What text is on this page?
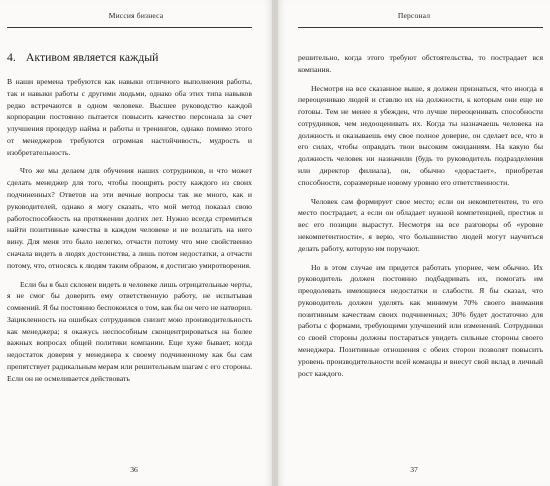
Миссия бизнеса
4. Активом является каждый

В наши времена требуются как навыки отличного выполнения работы, так и навыки работы с другими людьми, однако оба этих типа навыков редко встречаются в одном человеке. Высшее руководство каждой корпорации постоянно пытается повысить качество персонала за счет улучшения процедур найма и работы и тренингов, однако помимо этого от менеджеров требуются огромная настойчивость, мудрость и изобретательность.

Что же мы делаем для обучения наших сотрудников, и что может сделать менеджер для того, чтобы поощрять росту каждого из своих подчиненных? Ответов на эти вечные вопросы так же много, как и руководителей, однако я могу сказать, что мой метод показал свою работоспособность на протяжении долгих лет. Нужно всегда стремиться найти позитивные качества в каждом человеке и не возлагать на него вину. Для меня это было нелегко, отчасти потому что мне свойственно сначала видеть в людях достоинства, а лишь потом недостатки, а отчасти потому, что, относясь к людям таким образом, я достигаю умиротворения.

Если бы я был склонен видеть в человеке лишь отрицательные черты, я не смог бы доверить ему ответственную работу, не испытывая сомнений. Я бы постоянно беспокоился о том, как бы он чего не натворил. Зацикленность на ошибках сотрудников снизит мою производительность как менеджера; я окажусь неспособным сконцентрироваться на более важных вопросах общей политики компании. Еще хуже бывает, когда недостаток доверия у менеджера к своему подчиненному как бы сам препятствует радикальным мерам или решительным шагам с его стороны. Если он не осмеливается действовать

36
Персонал

решительно, когда этого требуют обстоятельства, то пострадает вся компания.

Несмотря на все сказанное выше, я должен признаться, что иногда я переоцениваю людей и ставлю их на должности, к которым они еще не готовы. Тем не менее я убежден, что лучше переоценивать способности сотрудников, чем недооценивать их. Когда ты назначаешь человека на должность и оказываешь ему свое полное доверие, он сделает все, что в его силах, чтобы оправдать твои высоким ожиданиям. На какую бы должность человек ни назначили (будь то руководитель подразделения или директор филиала), он, обычно «дорастает», приобретая способности, соразмерные новому уровню его ответственности.

Человек сам формирует свое место; если он некомпетентен, то его место пострадает, а если он обладает нужной компетенцией, престиж и вес его позиции вырастут. Несмотря на все разговоры об «уровне некомпетентности», я верю, что большинство людей могут научиться делать работу, которую им поручают.

Но в этом случае им придется работать упорнее, чем обычно. Их руководитель должен постоянно подбадривать их, помогать им преодолевать имеющиеся недостатки и слабости. Я бы сказал, что руководитель должен уделять как минимум 70% своего внимания позитивным качествам своих подчиненных; 30% будет достаточно для работы с формами, требующими улучшений или изменений. Сотрудники со своей стороны должны постараться увидеть сильные стороны своего менеджера. Позитивные отношения с обеих сторон позволят повысить уровень производительности всей команды и внесут свой вклад в личный рост каждого.

37
